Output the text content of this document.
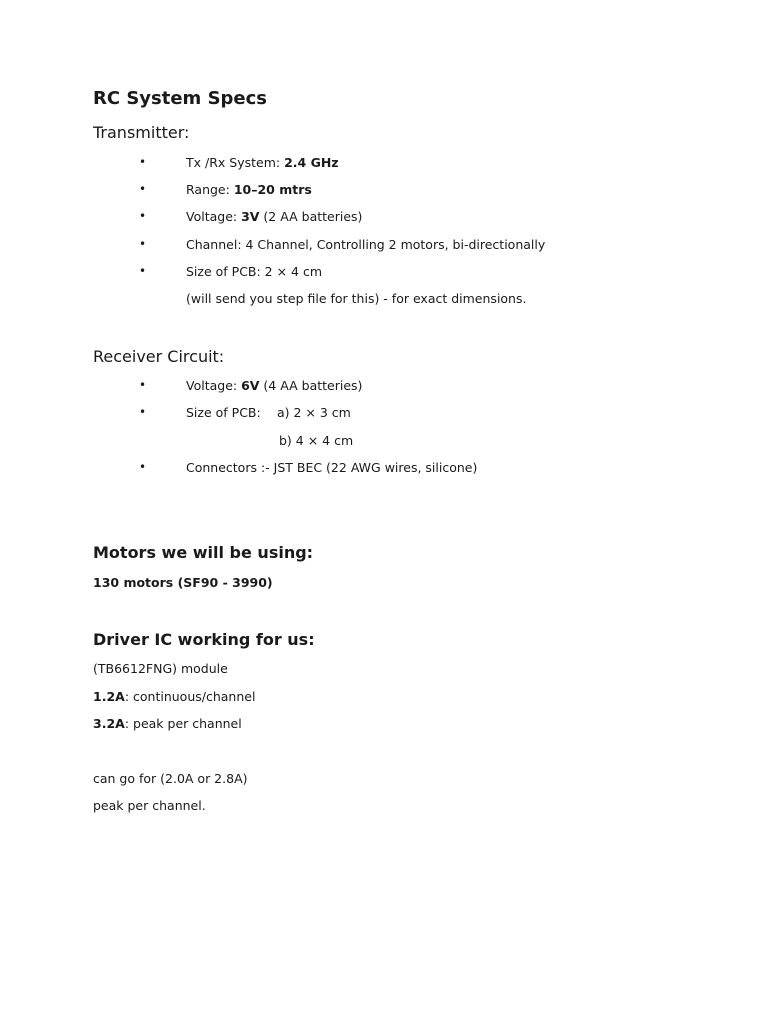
RC System Specs
Transmitter:
•	Tx /Rx System: 2.4 GHz
•	Range: 10–20 mtrs
•	Voltage: 3V (2 AA batteries)
•	Channel: 4 Channel, Controlling 2 motors, bi-directionally
•	Size of PCB: 2 × 4 cm
(will send you step file for this) - for exact dimensions.
Receiver Circuit:
•	Voltage: 6V (4 AA batteries)
•	Size of PCB: a) 2 × 3 cm
b) 4 × 4 cm
•	Connectors :- JST BEC (22 AWG wires, silicone)
Motors we will be using:
130 motors (SF90 - 3990)
Driver IC working for us:
(TB6612FNG) module
1.2A: continuous/channel
3.2A: peak per channel
can go for (2.0A or 2.8A)
peak per channel.
